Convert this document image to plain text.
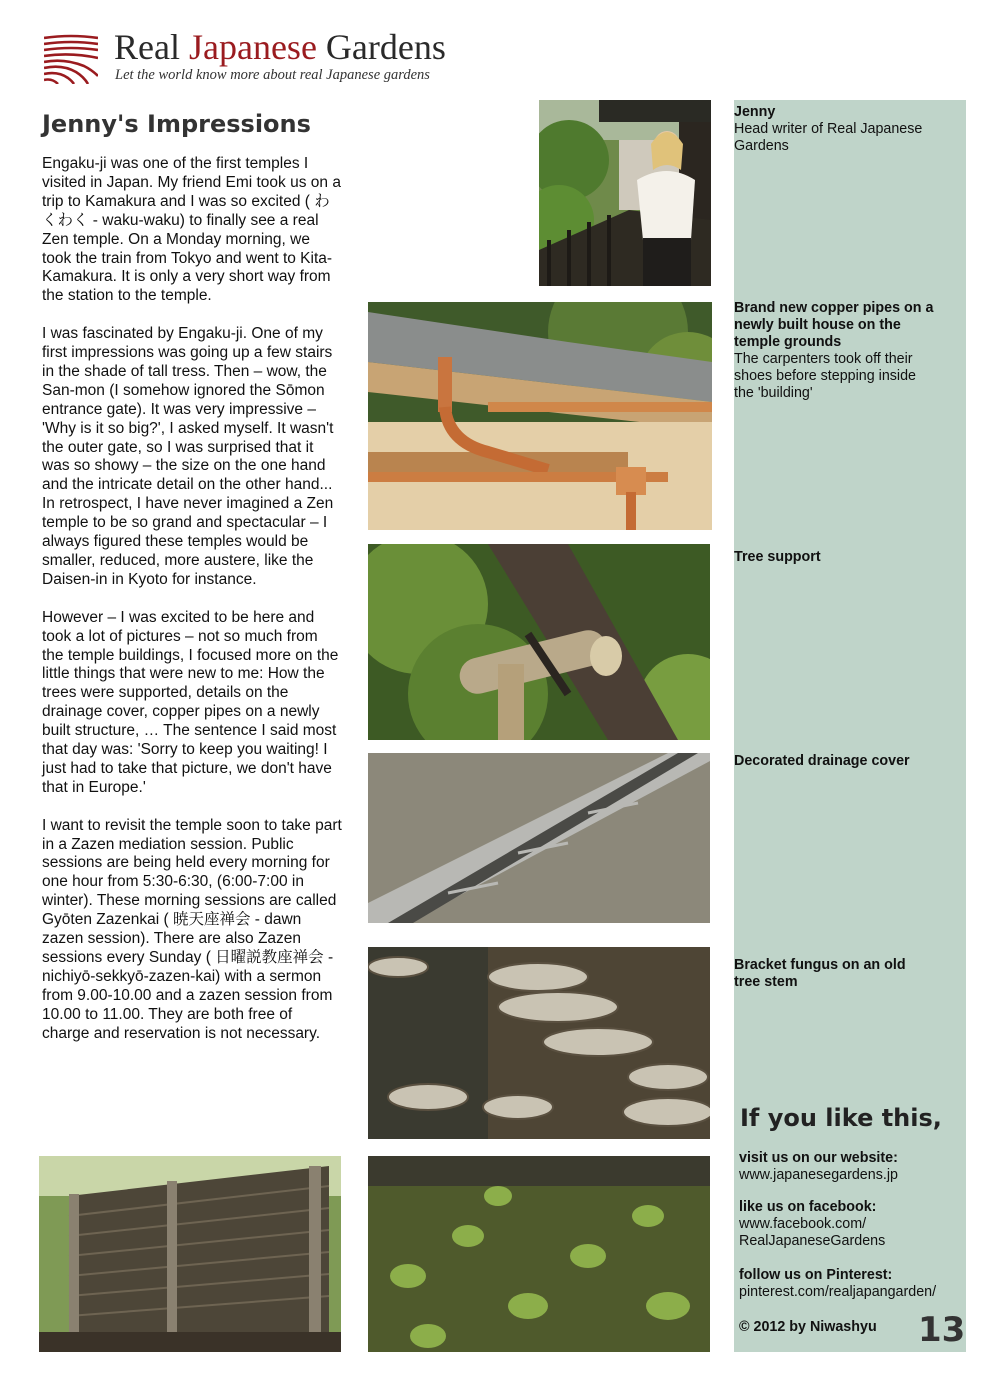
Real Japanese Gardens
Let the world know more about real Japanese gardens
Jenny's Impressions

Engaku-ji was one of the first temples I visited in Japan. My friend Emi took us on a trip to Kamakura and I was so excited ( わくわく - waku-waku) to finally see a real Zen temple. On a Monday morning, we took the train from Tokyo and went to Kita-Kamakura. It is only a very short way from the station to the temple.

I was fascinated by Engaku-ji. One of my first impressions was going up a few stairs in the shade of tall tress. Then – wow, the San-mon (I somehow ignored the Sōmon entrance gate). It was very impressive – 'Why is it so big?', I asked myself. It wasn't the outer gate, so I was surprised that it was so showy – the size on the one hand and the intricate detail on the other hand... In retrospect, I have never imagined a Zen temple to be so grand and spectacular – I always figured these temples would be smaller, reduced, more austere, like the Daisen-in in Kyoto for instance.

However – I was excited to be here and took a lot of pictures – not so much from the temple buildings, I focused more on the little things that were new to me: How the trees were supported, details on the drainage cover, copper pipes on a newly built structure, … The sentence I said most that day was: 'Sorry to keep you waiting! I just had to take that picture, we don't have that in Europe.'

I want to revisit the temple soon to take part in a Zazen mediation session. Public sessions are being held every morning for one hour from 5:30-6:30, (6:00-7:00 in winter). These morning sessions are called Gyōten Zazenkai ( 暁天座禅会 - dawn zazen session). There are also Zazen sessions every Sunday ( 日曜説教座禅会 - nichiyō-sekkyō-zazen-kai) with a sermon from 9.00-10.00 and a zazen session from 10.00 to 11.00. They are both free of charge and reservation is not necessary.

Jenny
Head writer of Real Japanese Gardens
Brand new copper pipes on a newly built house on the temple grounds
The carpenters took off their shoes before stepping inside the 'building'
Tree support
Decorated drainage cover
Bracket fungus on an old tree stem
If you like this,
visit us on our website:
www.japanesegardens.jp
like us on facebook:
www.facebook.com/ RealJapaneseGardens
follow us on Pinterest:
pinterest.com/realjapangarden/
© 2012 by Niwashyu 13
